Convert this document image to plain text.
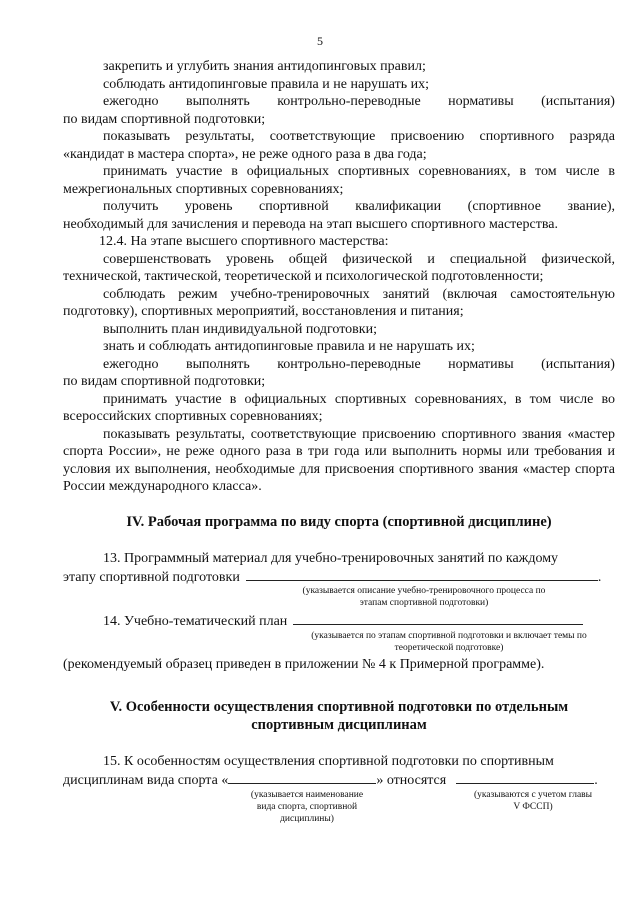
5

закрепить и углубить знания антидопинговых правил;

соблюдать антидопинговые правила и не нарушать их;

ежегодно выполнять контрольно-переводные нормативы (испытания)

по видам спортивной подготовки;

показывать результаты, соответствующие присвоению спортивного разряда «кандидат в мастера спорта», не реже одного раза в два года;

принимать участие в официальных спортивных соревнованиях, в том числе в межрегиональных спортивных соревнованиях;

получить уровень спортивной квалификации (спортивное звание),

необходимый для зачисления и перевода на этап высшего спортивного мастерства.

12.4. На этапе высшего спортивного мастерства:

совершенствовать уровень общей физической и специальной физической, технической, тактической, теоретической и психологической подготовленности;

соблюдать режим учебно-тренировочных занятий (включая самостоятельную подготовку), спортивных мероприятий, восстановления и питания;

выполнить план индивидуальной подготовки;

знать и соблюдать антидопинговые правила и не нарушать их;

ежегодно выполнять контрольно-переводные нормативы (испытания)

по видам спортивной подготовки;

принимать участие в официальных спортивных соревнованиях, в том числе во всероссийских спортивных соревнованиях;

показывать результаты, соответствующие присвоению спортивного звания «мастер спорта России», не реже одного раза в три года или выполнить нормы или требования и условия их выполнения, необходимые для присвоения спортивного звания «мастер спорта России международного класса».

IV. Рабочая программа по виду спорта (спортивной дисциплине)

13. Программный материал для учебно-тренировочных занятий по каждому

этапу спортивной подготовки	.
(указывается описание учебно-тренировочного процесса по этапам спортивной подготовки)
14. Учебно-тематический план
(указывается по этапам спортивной подготовки и включает темы по теоретической подготовке)

(рекомендуемый образец приведен в приложении № 4 к Примерной программе).

V. Особенности осуществления спортивной подготовки по отдельным

спортивным дисциплинам

15. К особенностям осуществления спортивной подготовки по спортивным

дисциплинам вида спорта «	» относятся	.
(указывается наименование вида спорта, спортивной дисциплины)
(указываются с учетом главы V ФССП)
